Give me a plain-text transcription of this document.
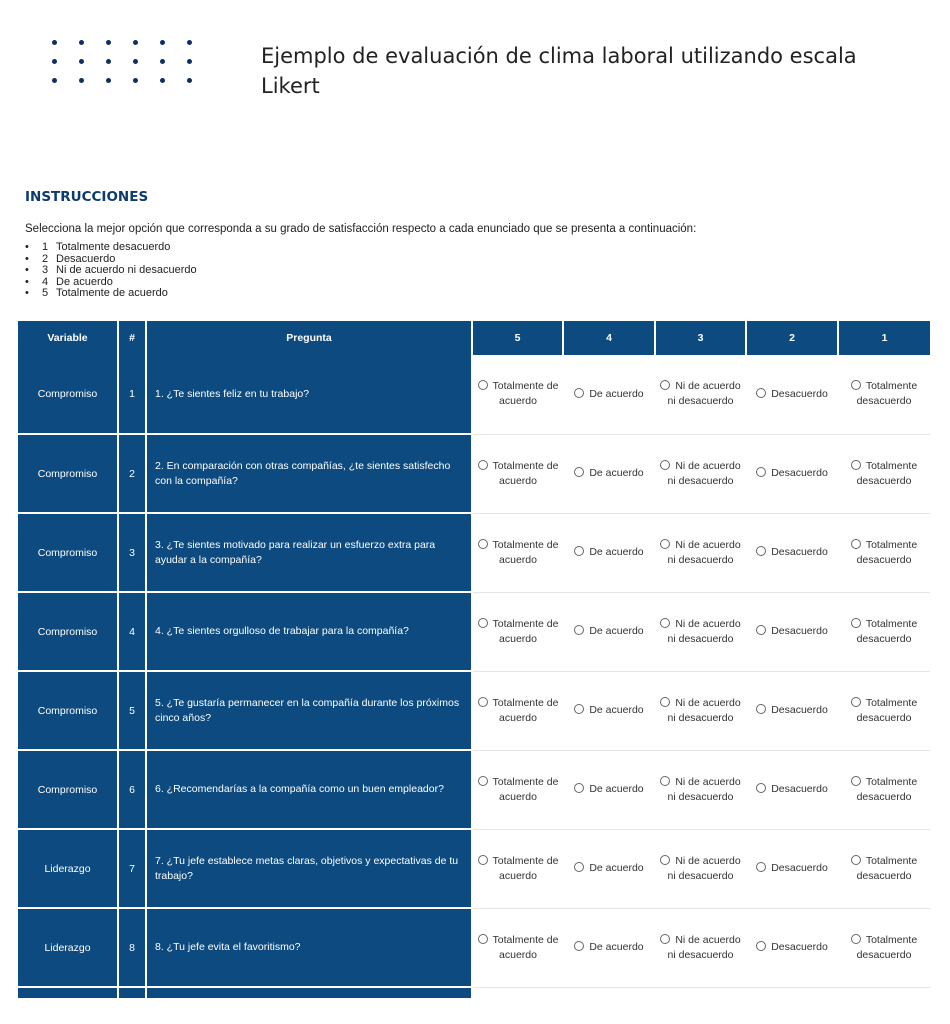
Ejemplo de evaluación de clima laboral utilizando escala Likert
INSTRUCCIONES
Selecciona la mejor opción que corresponda a su grado de satisfacción respecto a cada enunciado que se presenta a continuación:
• 1 Totalmente desacuerdo
• 2 Desacuerdo
• 3 Ni de acuerdo ni desacuerdo
• 4 De acuerdo
• 5 Totalmente de acuerdo
Variable	#	Pregunta	5	4	3	2	1
Compromiso	1	1. ¿Te sientes feliz en tu trabajo?	Totalmente de acuerdo	De acuerdo	Ni de acuerdo ni desacuerdo	Desacuerdo	Totalmente desacuerdo
Compromiso	2	2. En comparación con otras compañías, ¿te sientes satisfecho con la compañía?	Totalmente de acuerdo	De acuerdo	Ni de acuerdo ni desacuerdo	Desacuerdo	Totalmente desacuerdo
Compromiso	3	3. ¿Te sientes motivado para realizar un esfuerzo extra para ayudar a la compañía?	Totalmente de acuerdo	De acuerdo	Ni de acuerdo ni desacuerdo	Desacuerdo	Totalmente desacuerdo
Compromiso	4	4. ¿Te sientes orgulloso de trabajar para la compañía?	Totalmente de acuerdo	De acuerdo	Ni de acuerdo ni desacuerdo	Desacuerdo	Totalmente desacuerdo
Compromiso	5	5. ¿Te gustaría permanecer en la compañía durante los próximos cinco años?	Totalmente de acuerdo	De acuerdo	Ni de acuerdo ni desacuerdo	Desacuerdo	Totalmente desacuerdo
Compromiso	6	6. ¿Recomendarías a la compañía como un buen empleador?	Totalmente de acuerdo	De acuerdo	Ni de acuerdo ni desacuerdo	Desacuerdo	Totalmente desacuerdo
Liderazgo	7	7. ¿Tu jefe establece metas claras, objetivos y expectativas de tu trabajo?	Totalmente de acuerdo	De acuerdo	Ni de acuerdo ni desacuerdo	Desacuerdo	Totalmente desacuerdo
Liderazgo	8	8. ¿Tu jefe evita el favoritismo?	Totalmente de acuerdo	De acuerdo	Ni de acuerdo ni desacuerdo	Desacuerdo	Totalmente desacuerdo
